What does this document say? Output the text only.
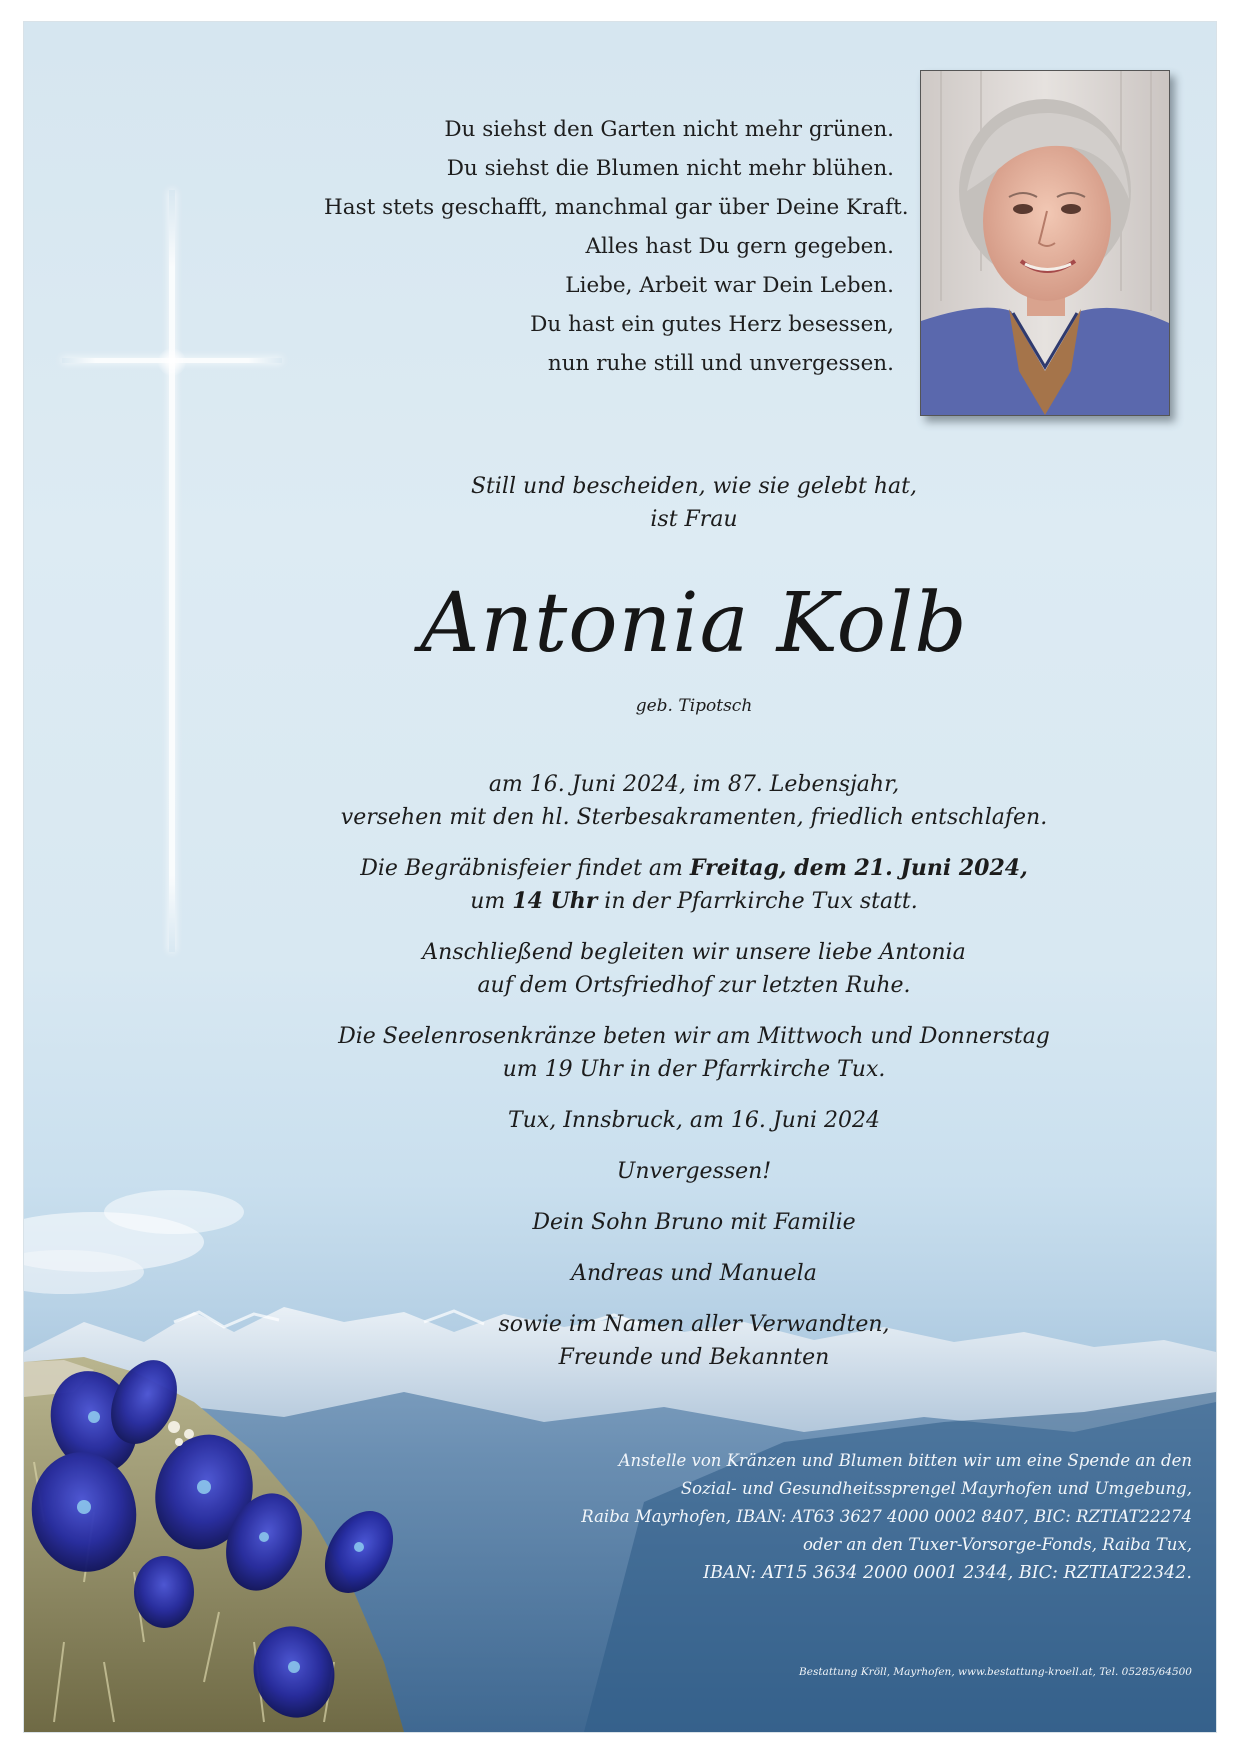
Du siehst den Garten nicht mehr grünen.
Du siehst die Blumen nicht mehr blühen.
Hast stets geschafft, manchmal gar über Deine Kraft.
Alles hast Du gern gegeben.
Liebe, Arbeit war Dein Leben.
Du hast ein gutes Herz besessen,
nun ruhe still und unvergessen.
Still und bescheiden, wie sie gelebt hat,
ist Frau
Antonia Kolb
geb. Tipotsch

am 16. Juni 2024, im 87. Lebensjahr,
versehen mit den hl. Sterbesakramenten, friedlich entschlafen.

Die Begräbnisfeier findet am Freitag, dem 21. Juni 2024,
um 14 Uhr in der Pfarrkirche Tux statt.

Anschließend begleiten wir unsere liebe Antonia
auf dem Ortsfriedhof zur letzten Ruhe.

Die Seelenrosenkränze beten wir am Mittwoch und Donnerstag
um 19 Uhr in der Pfarrkirche Tux.

Tux, Innsbruck, am 16. Juni 2024

Unvergessen!

Dein Sohn Bruno mit Familie

Andreas und Manuela

sowie im Namen aller Verwandten,
Freunde und Bekannten

Anstelle von Kränzen und Blumen bitten wir um eine Spende an den
Sozial- und Gesundheitssprengel Mayrhofen und Umgebung,
Raiba Mayrhofen, IBAN: AT63 3627 4000 0002 8407, BIC: RZTIAT22274
oder an den Tuxer-Vorsorge-Fonds, Raiba Tux,
IBAN: AT15 3634 2000 0001 2344, BIC: RZTIAT22342.
Bestattung Kröll, Mayrhofen, www.bestattung-kroell.at, Tel. 05285/64500
